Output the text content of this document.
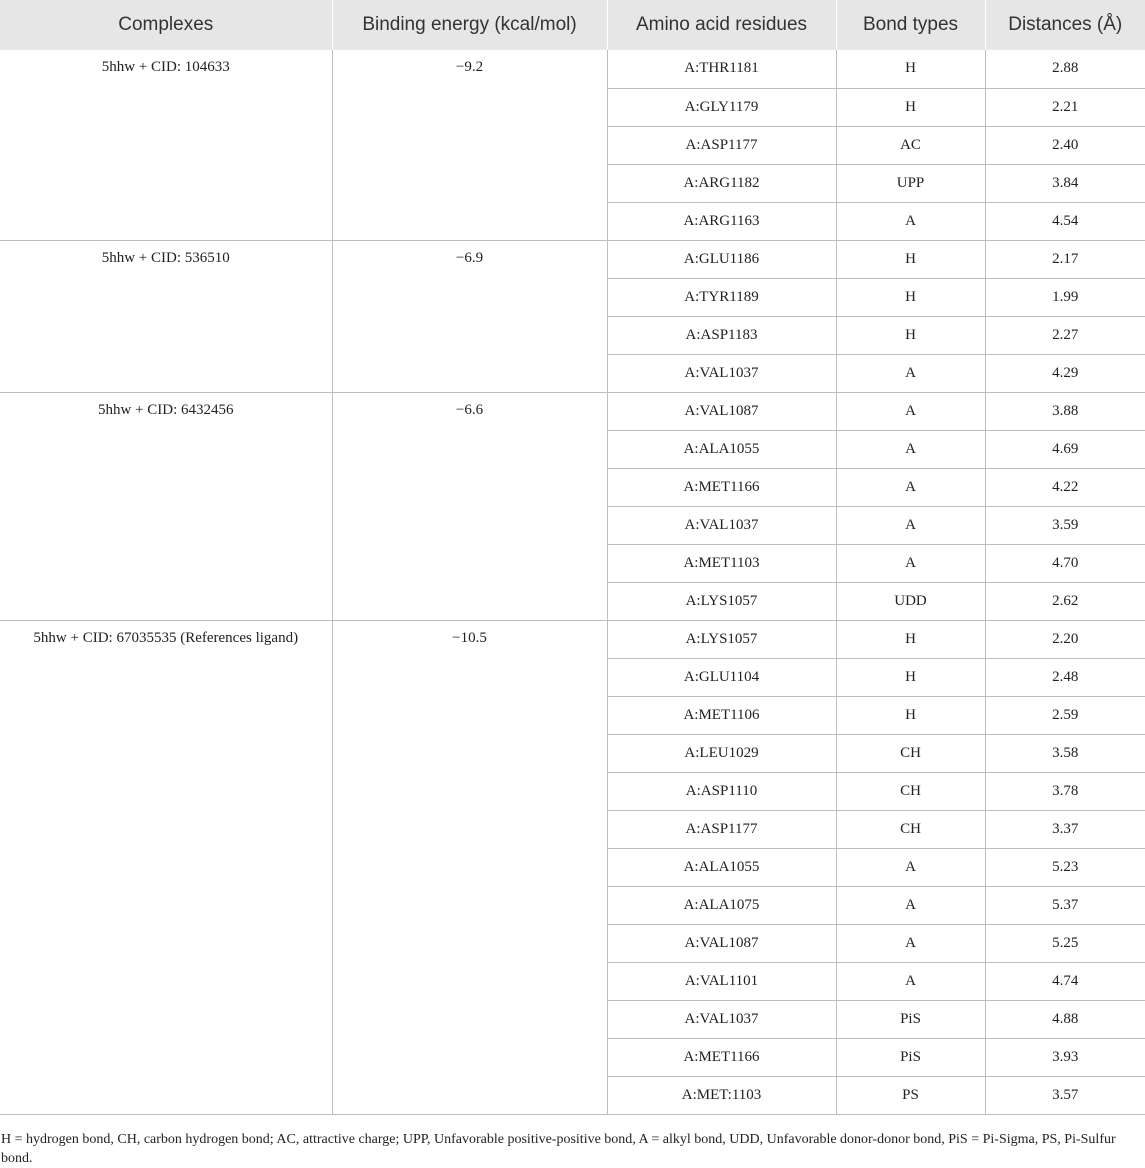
Complexes	Binding energy (kcal/mol)	Amino acid residues	Bond types	Distances (Å)
5hhw + CID: 104633	−9.2	A:THR1181	H	2.88
		A:GLY1179	H	2.21
		A:ASP1177	AC	2.40
		A:ARG1182	UPP	3.84
		A:ARG1163	A	4.54
5hhw + CID: 536510	−6.9	A:GLU1186	H	2.17
		A:TYR1189	H	1.99
		A:ASP1183	H	2.27
		A:VAL1037	A	4.29
5hhw + CID: 6432456	−6.6	A:VAL1087	A	3.88
		A:ALA1055	A	4.69
		A:MET1166	A	4.22
		A:VAL1037	A	3.59
		A:MET1103	A	4.70
		A:LYS1057	UDD	2.62
5hhw + CID: 67035535 (References ligand)	−10.5	A:LYS1057	H	2.20
		A:GLU1104	H	2.48
		A:MET1106	H	2.59
		A:LEU1029	CH	3.58
		A:ASP1110	CH	3.78
		A:ASP1177	CH	3.37
		A:ALA1055	A	5.23
		A:ALA1075	A	5.37
		A:VAL1087	A	5.25
		A:VAL1101	A	4.74
		A:VAL1037	PiS	4.88
		A:MET1166	PiS	3.93
		A:MET:1103	PS	3.57
H = hydrogen bond, CH, carbon hydrogen bond; AC, attractive charge; UPP, Unfavorable positive-positive bond, A = alkyl bond, UDD, Unfavorable donor-donor bond, PiS = Pi-Sigma, PS, Pi-Sulfur bond.
